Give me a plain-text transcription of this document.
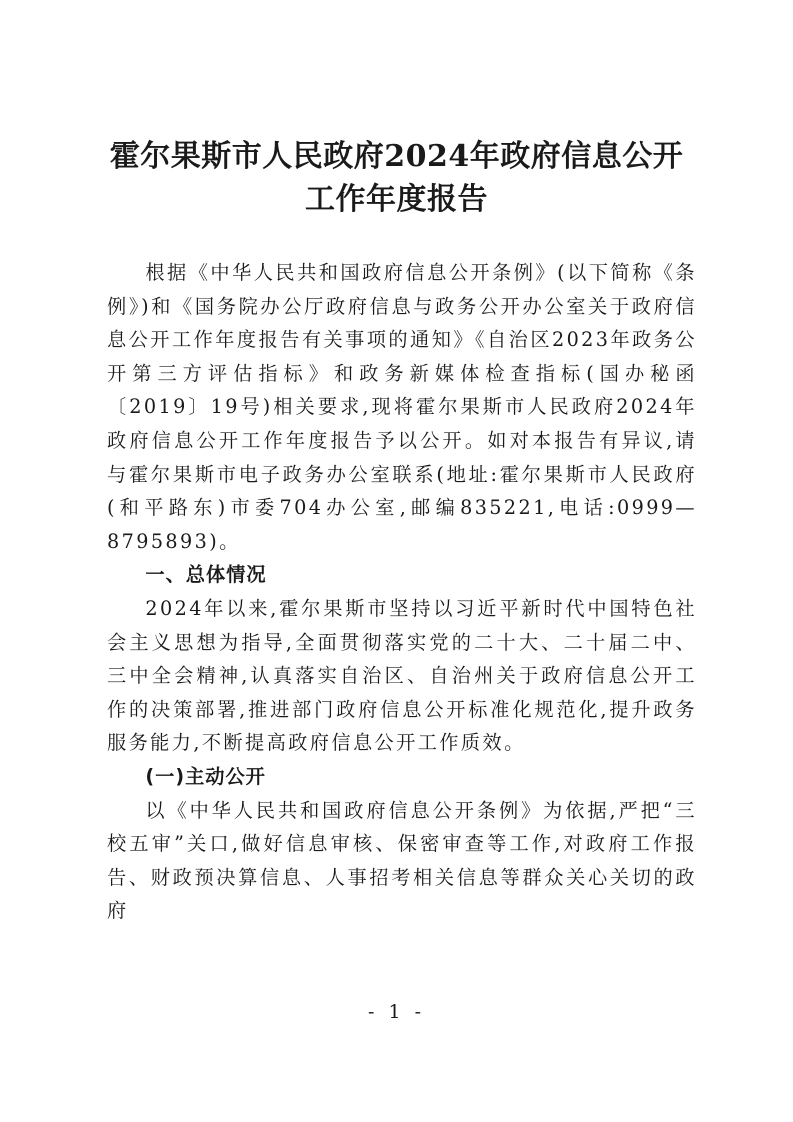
霍尔果斯市人民政府2024年政府信息公开
工作年度报告

根据《中华人民共和国政府信息公开条例》(以下简称《条例》)和《国务院办公厅政府信息与政务公开办公室关于政府信息公开工作年度报告有关事项的通知》《自治区2023年政务公开第三方评估指标》和政务新媒体检查指标(国办秘函〔2019〕19号)相关要求,现将霍尔果斯市人民政府2024年政府信息公开工作年度报告予以公开。如对本报告有异议,请与霍尔果斯市电子政务办公室联系(地址:霍尔果斯市人民政府(和平路东)市委704办公室,邮编835221,电话:0999—8795893)。

一、总体情况

2024年以来,霍尔果斯市坚持以习近平新时代中国特色社会主义思想为指导,全面贯彻落实党的二十大、二十届二中、三中全会精神,认真落实自治区、自治州关于政府信息公开工作的决策部署,推进部门政府信息公开标准化规范化,提升政务服务能力,不断提高政府信息公开工作质效。

(一)主动公开

以《中华人民共和国政府信息公开条例》为依据,严把“三校五审”关口,做好信息审核、保密审查等工作,对政府工作报告、财政预决算信息、人事招考相关信息等群众关心关切的政府

- 1 -
